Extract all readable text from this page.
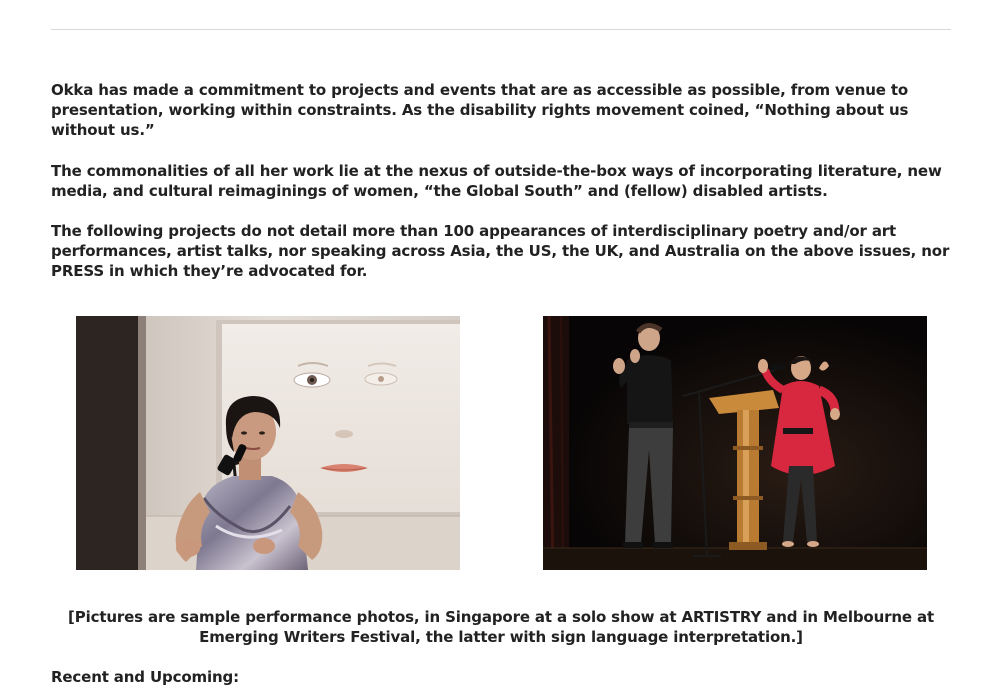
Okka has made a commitment to projects and events that are as accessible as possible, from venue to presentation, working within constraints. As the disability rights movement coined, “Nothing about us without us.”

The commonalities of all her work lie at the nexus of outside-the-box ways of incorporating literature, new media, and cultural reimaginings of women, “the Global South” and (fellow) disabled artists.

The following projects do not detail more than 100 appearances of interdisciplinary poetry and/or art performances, artist talks, nor speaking across Asia, the US, the UK, and Australia on the above issues, nor PRESS in which they’re advocated for.

[Pictures are sample performance photos, in Singapore at a solo show at ARTISTRY and in Melbourne at Emerging Writers Festival, the latter with sign language interpretation.]

Recent and Upcoming:
